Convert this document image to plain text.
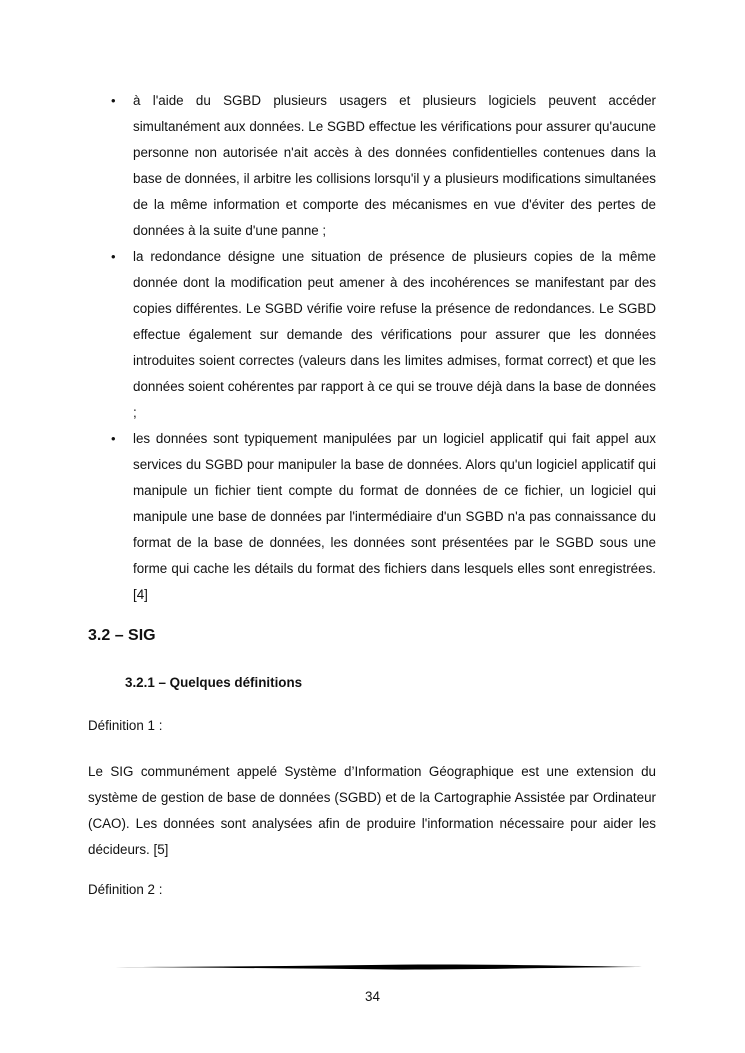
• à l'aide du SGBD plusieurs usagers et plusieurs logiciels peuvent accéder simultanément aux données. Le SGBD effectue les vérifications pour assurer qu'aucune personne non autorisée n'ait accès à des données confidentielles contenues dans la base de données, il arbitre les collisions lorsqu'il y a plusieurs modifications simultanées de la même information et comporte des mécanismes en vue d'éviter des pertes de données à la suite d'une panne ;
• la redondance désigne une situation de présence de plusieurs copies de la même donnée dont la modification peut amener à des incohérences se manifestant par des copies différentes. Le SGBD vérifie voire refuse la présence de redondances. Le SGBD effectue également sur demande des vérifications pour assurer que les données introduites soient correctes (valeurs dans les limites admises, format correct) et que les données soient cohérentes par rapport à ce qui se trouve déjà dans la base de données ;
• les données sont typiquement manipulées par un logiciel applicatif qui fait appel aux services du SGBD pour manipuler la base de données. Alors qu'un logiciel applicatif qui manipule un fichier tient compte du format de données de ce fichier, un logiciel qui manipule une base de données par l'intermédiaire d'un SGBD n'a pas connaissance du format de la base de données, les données sont présentées par le SGBD sous une forme qui cache les détails du format des fichiers dans lesquels elles sont enregistrées. [4]
3.2 – SIG
3.2.1 – Quelques définitions

Définition 1 :

Le SIG communément appelé Système d’Information Géographique est une extension du système de gestion de base de données (SGBD) et de la Cartographie Assistée par Ordinateur (CAO). Les données sont analysées afin de produire l'information nécessaire pour aider les décideurs. [5]

Définition 2 :

34
